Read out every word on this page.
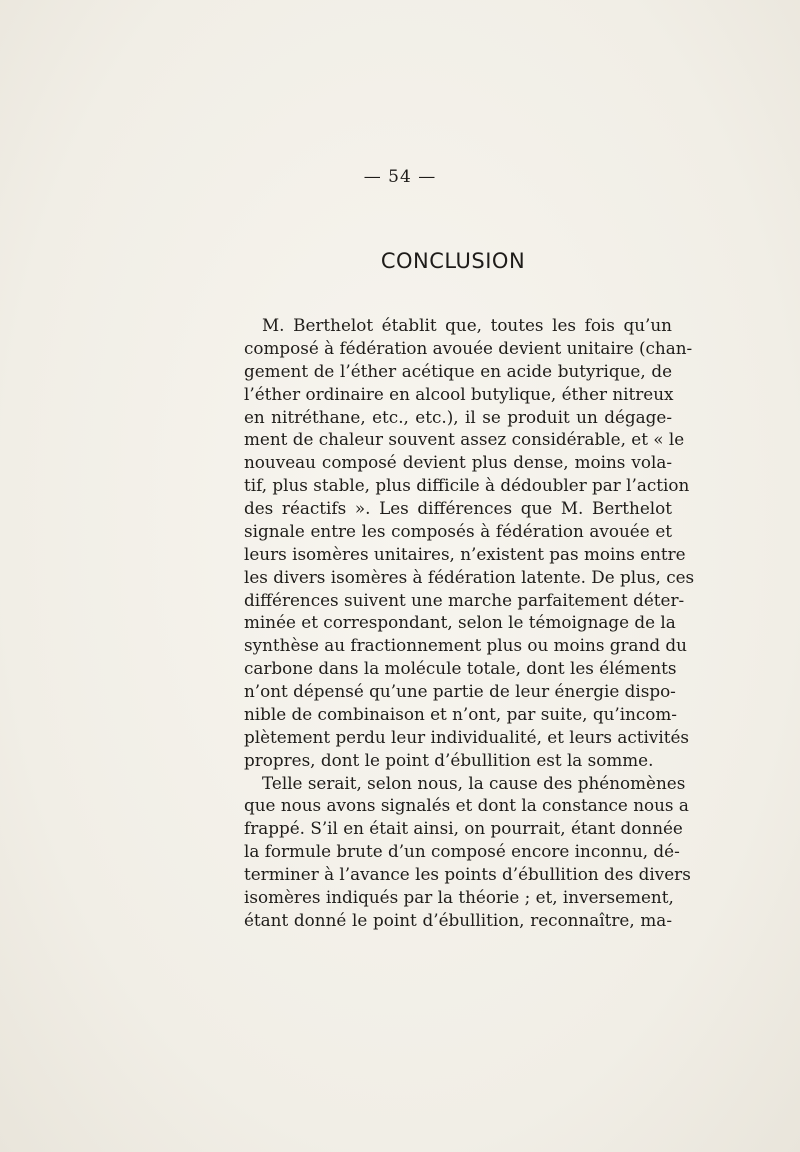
— 54 —
CONCLUSION
M. Berthelot établit que, toutes les fois qu’un
composé à fédération avouée devient unitaire (chan-
gement de l’éther acétique en acide butyrique, de
l’éther ordinaire en alcool butylique, éther nitreux
en nitréthane, etc., etc.), il se produit un dégage-
ment de chaleur souvent assez considérable, et « le
nouveau composé devient plus dense, moins vola-
tif, plus stable, plus difficile à dédoubler par l’action
des réactifs ». Les différences que M. Berthelot
signale entre les composés à fédération avouée et
leurs isomères unitaires, n’existent pas moins entre
les divers isomères à fédération latente. De plus, ces
différences suivent une marche parfaitement déter-
minée et correspondant, selon le témoignage de la
synthèse au fractionnement plus ou moins grand du
carbone dans la molécule totale, dont les éléments
n’ont dépensé qu’une partie de leur énergie dispo-
nible de combinaison et n’ont, par suite, qu’incom-
plètement perdu leur individualité, et leurs activités
propres, dont le point d’ébullition est la somme.
Telle serait, selon nous, la cause des phénomènes
que nous avons signalés et dont la constance nous a
frappé. S’il en était ainsi, on pourrait, étant donnée
la formule brute d’un composé encore inconnu, dé-
terminer à l’avance les points d’ébullition des divers
isomères indiqués par la théorie ; et, inversement,
étant donné le point d’ébullition, reconnaître, ma-
